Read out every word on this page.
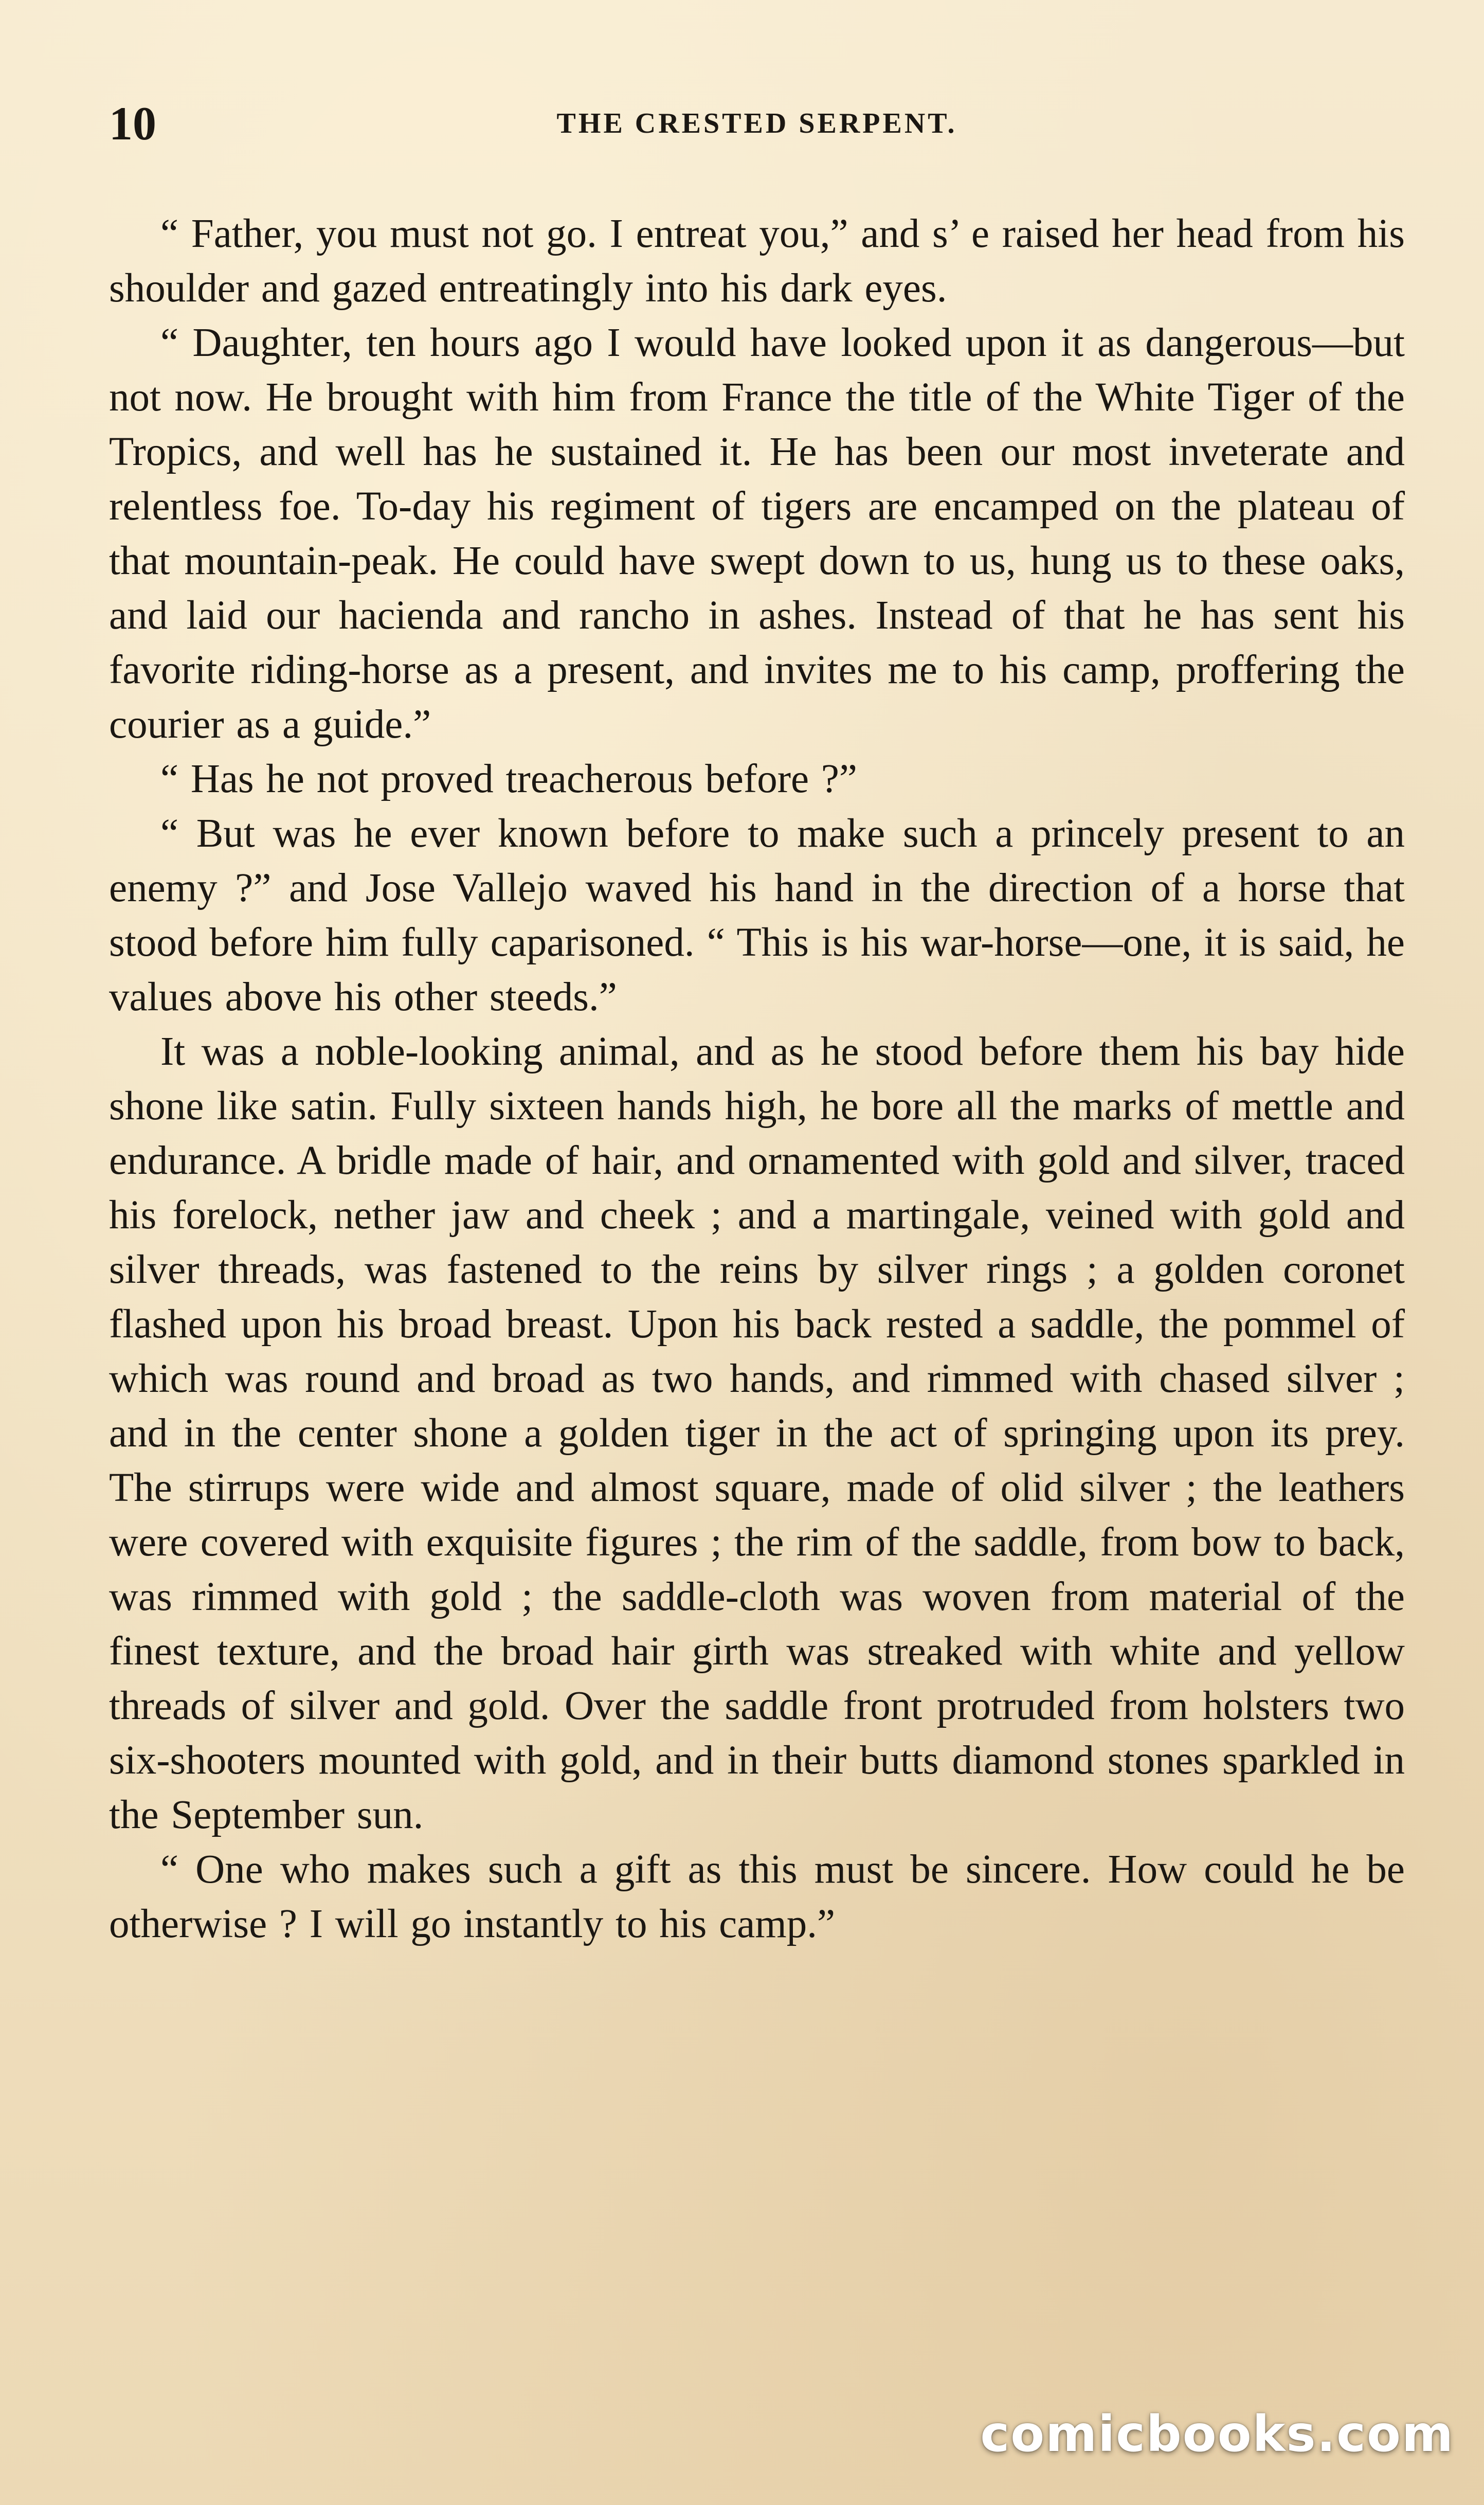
10	THE CRESTED SERPENT.

“ Father, you must not go. I entreat you,” and s’ e raised her head from his shoulder and gazed entreatingly into his dark eyes.

“ Daughter, ten hours ago I would have looked upon it as dangerous—but not now. He brought with him from France the title of the White Tiger of the Tropics, and well has he sustained it. He has been our most inveterate and relentless foe. To-day his regiment of tigers are encamped on the plateau of that mountain-peak. He could have swept down to us, hung us to these oaks, and laid our hacienda and rancho in ashes. Instead of that he has sent his favorite riding-horse as a present, and invites me to his camp, proffering the courier as a guide.”

“ Has he not proved treacherous before ?”

“ But was he ever known before to make such a princely present to an enemy ?” and Jose Vallejo waved his hand in the direction of a horse that stood before him fully caparisoned. “ This is his war-horse—one, it is said, he values above his other steeds.”

It was a noble-looking animal, and as he stood before them his bay hide shone like satin. Fully sixteen hands high, he bore all the marks of mettle and endurance. A bridle made of hair, and ornamented with gold and silver, traced his forelock, nether jaw and cheek ; and a martingale, veined with gold and silver threads, was fastened to the reins by silver rings ; a golden coronet flashed upon his broad breast. Upon his back rested a saddle, the pommel of which was round and broad as two hands, and rimmed with chased silver ; and in the center shone a golden tiger in the act of springing upon its prey. The stirrups were wide and almost square, made of olid silver ; the leathers were covered with exquisite figures ; the rim of the saddle, from bow to back, was rimmed with gold ; the saddle-cloth was woven from material of the finest texture, and the broad hair girth was streaked with white and yellow threads of silver and gold. Over the saddle front protruded from holsters two six-shooters mounted with gold, and in their butts diamond stones sparkled in the September sun.

“ One who makes such a gift as this must be sincere. How could he be otherwise ? I will go instantly to his camp.”

comicbooks.com
